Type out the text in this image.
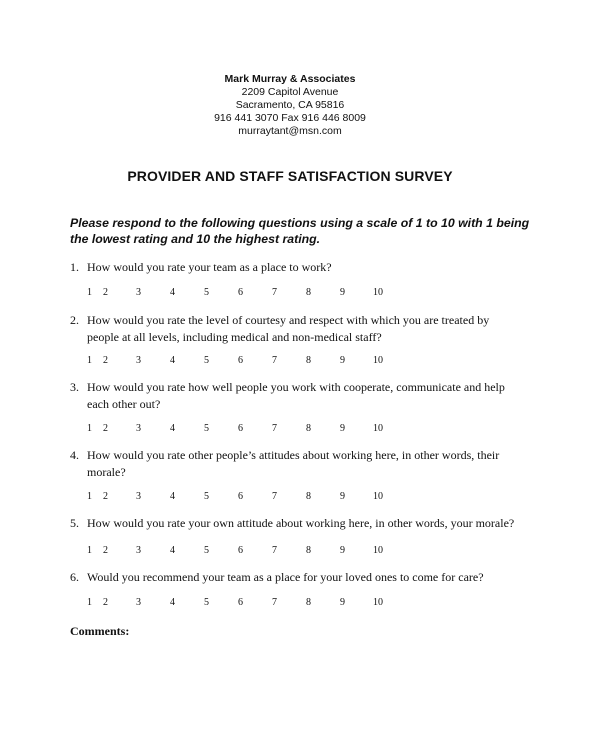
Mark Murray & Associates
2209 Capitol Avenue
Sacramento, CA 95816
916 441 3070 Fax 916 446 8009
murraytant@msn.com
PROVIDER AND STAFF SATISFACTION SURVEY
Please respond to the following questions using a scale of 1 to 10 with 1 being the lowest rating and 10 the highest rating.
1. How would you rate your team as a place to work?
1 2	3	4	5	6	7	8	9	10
2. How would you rate the level of courtesy and respect with which you are treated by people at all levels, including medical and non-medical staff?
1 2	3	4	5	6	7	8	9	10
3. How would you rate how well people you work with cooperate, communicate and help each other out?
1 2	3	4	5	6	7	8	9	10
4. How would you rate other people’s attitudes about working here, in other words, their morale?
1 2	3	4	5	6	7	8	9	10
5. How would you rate your own attitude about working here, in other words, your morale?
1 2	3	4	5	6	7	8	9	10
6. Would you recommend your team as a place for your loved ones to come for care?
1 2	3	4	5	6	7	8	9	10
Comments:
